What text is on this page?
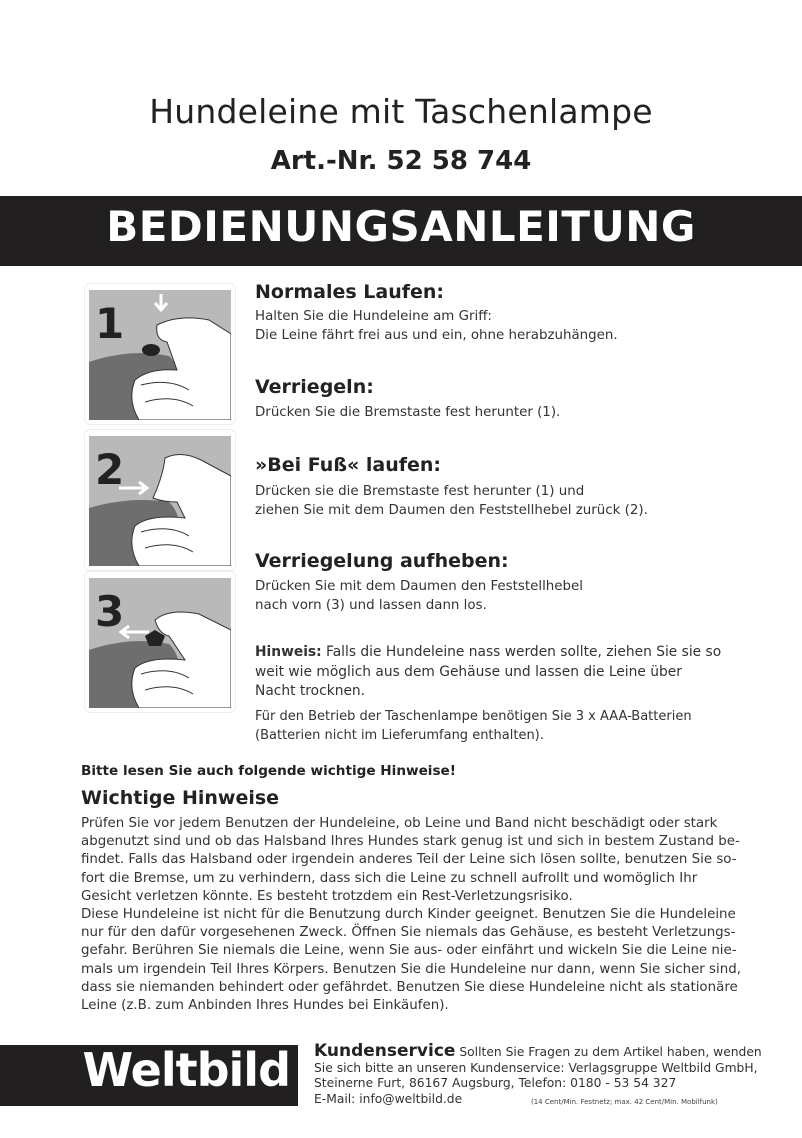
Hundeleine mit Taschenlampe
Art.-Nr. 52 58 744
BEDIENUNGSANLEITUNG
1
2
3
Normales Laufen:
Halten Sie die Hundeleine am Griff:
Die Leine fährt frei aus und ein, ohne herabzuhängen.
Verriegeln:
Drücken Sie die Bremstaste fest herunter (1).
»Bei Fuß« laufen:
Drücken sie die Bremstaste fest herunter (1) und
ziehen Sie mit dem Daumen den Feststellhebel zurück (2).
Verriegelung aufheben:
Drücken Sie mit dem Daumen den Feststellhebel
nach vorn (3) und lassen dann los.
Hinweis: Falls die Hundeleine nass werden sollte, ziehen Sie sie so
weit wie möglich aus dem Gehäuse und lassen die Leine über
Nacht trocknen.
Für den Betrieb der Taschenlampe benötigen Sie 3 x AAA-Batterien
(Batterien nicht im Lieferumfang enthalten).
Bitte lesen Sie auch folgende wichtige Hinweise!
Wichtige Hinweise
Prüfen Sie vor jedem Benutzen der Hundeleine, ob Leine und Band nicht beschädigt oder stark
abgenutzt sind und ob das Halsband Ihres Hundes stark genug ist und sich in bestem Zustand be-
findet. Falls das Halsband oder irgendein anderes Teil der Leine sich lösen sollte, benutzen Sie so-
fort die Bremse, um zu verhindern, dass sich die Leine zu schnell aufrollt und womöglich Ihr
Gesicht verletzen könnte. Es besteht trotzdem ein Rest-Verletzungsrisiko.
Diese Hundeleine ist nicht für die Benutzung durch Kinder geeignet. Benutzen Sie die Hundeleine
nur für den dafür vorgesehenen Zweck. Öffnen Sie niemals das Gehäuse, es besteht Verletzungs-
gefahr. Berühren Sie niemals die Leine, wenn Sie aus- oder einfährt und wickeln Sie die Leine nie-
mals um irgendein Teil Ihres Körpers. Benutzen Sie die Hundeleine nur dann, wenn Sie sicher sind,
dass sie niemanden behindert oder gefährdet. Benutzen Sie diese Hundeleine nicht als stationäre
Leine (z.B. zum Anbinden Ihres Hundes bei Einkäufen).
Weltbild Kundenservice Sollten Sie Fragen zu dem Artikel haben, wenden
Sie sich bitte an unseren Kundenservice: Verlagsgruppe Weltbild GmbH,
Steinerne Furt, 86167 Augsburg, Telefon: 0180 - 53 54 327
E-Mail: info@weltbild.de	(14 Cent/Min. Festnetz; max. 42 Cent/Min. Mobilfunk)
